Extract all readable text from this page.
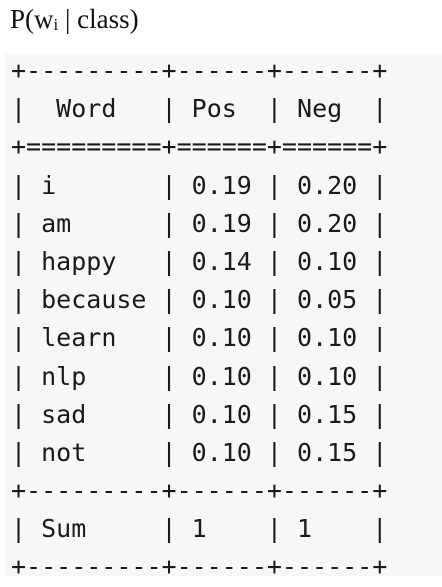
P(wi | class)
+---------+------+------+
|  Word   | Pos  | Neg  |
+=========+======+======+
| i       | 0.19 | 0.20 |
| am      | 0.19 | 0.20 |
| happy   | 0.14 | 0.10 |
| because | 0.10 | 0.05 |
| learn   | 0.10 | 0.10 |
| nlp     | 0.10 | 0.10 |
| sad     | 0.10 | 0.15 |
| not     | 0.10 | 0.15 |
+---------+------+------+
| Sum     | 1    | 1    |
+---------+------+------+
